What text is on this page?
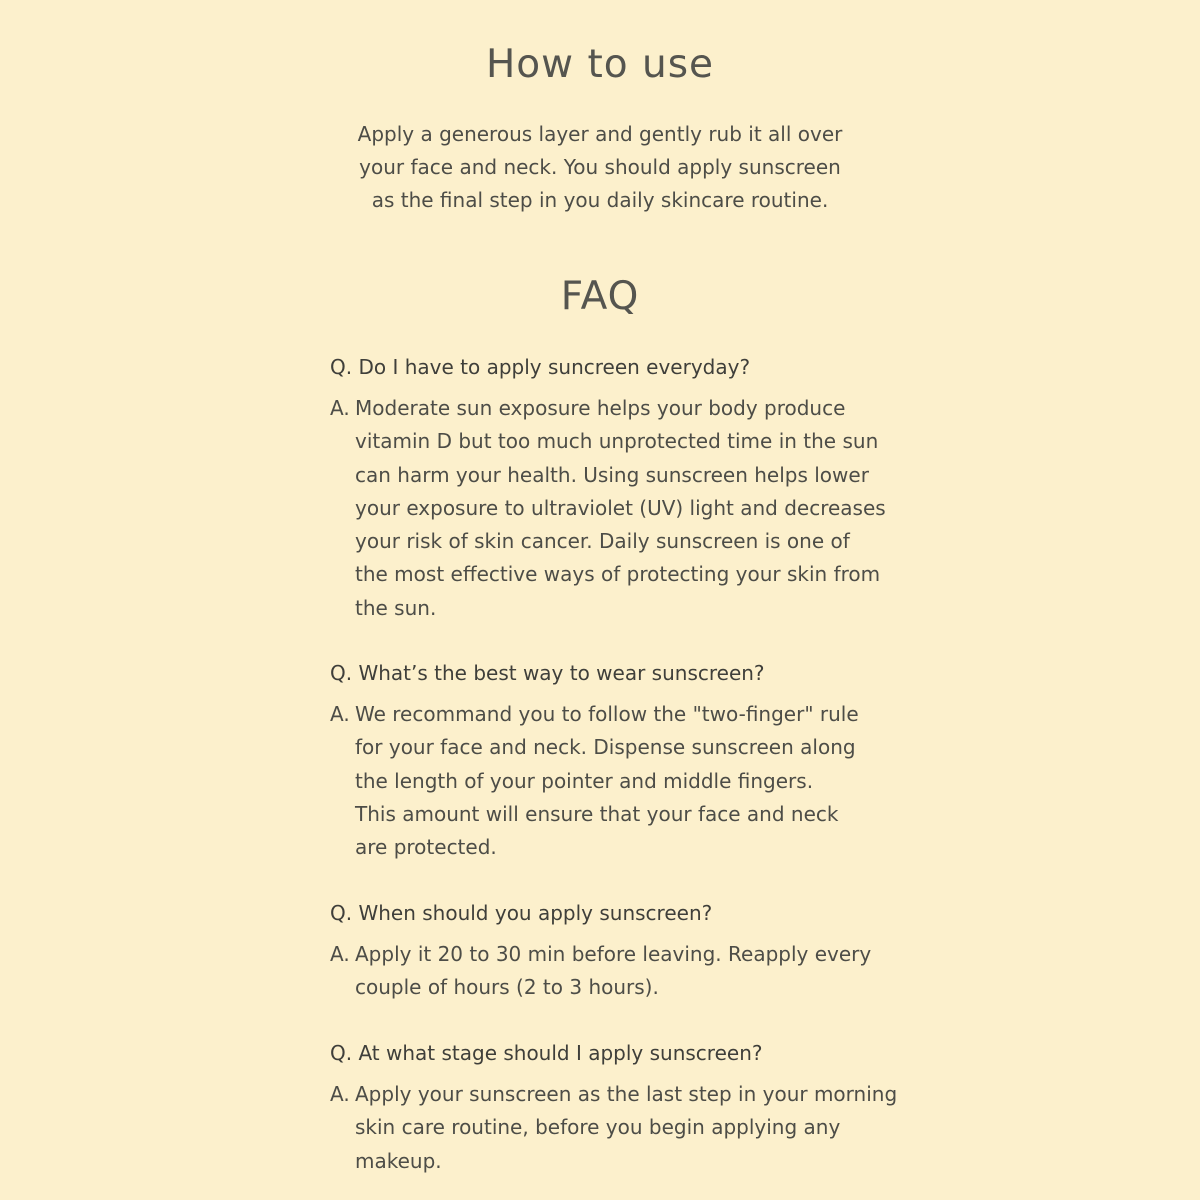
How to use
Apply a generous layer and gently rub it all over
your face and neck. You should apply sunscreen
as the final step in you daily skincare routine.
FAQ
Q. Do I have to apply suncreen everyday?
A. Moderate sun exposure helps your body produce
vitamin D but too much unprotected time in the sun
can harm your health. Using sunscreen helps lower
your exposure to ultraviolet (UV) light and decreases
your risk of skin cancer. Daily sunscreen is one of
the most effective ways of protecting your skin from
the sun.
Q. What’s the best way to wear sunscreen?
A. We recommand you to follow the "two-finger" rule
for your face and neck. Dispense sunscreen along
the length of your pointer and middle fingers.
This amount will ensure that your face and neck
are protected.
Q. When should you apply sunscreen?
A. Apply it 20 to 30 min before leaving. Reapply every
couple of hours (2 to 3 hours).
Q. At what stage should I apply sunscreen?
A. Apply your sunscreen as the last step in your morning
skin care routine, before you begin applying any
makeup.
